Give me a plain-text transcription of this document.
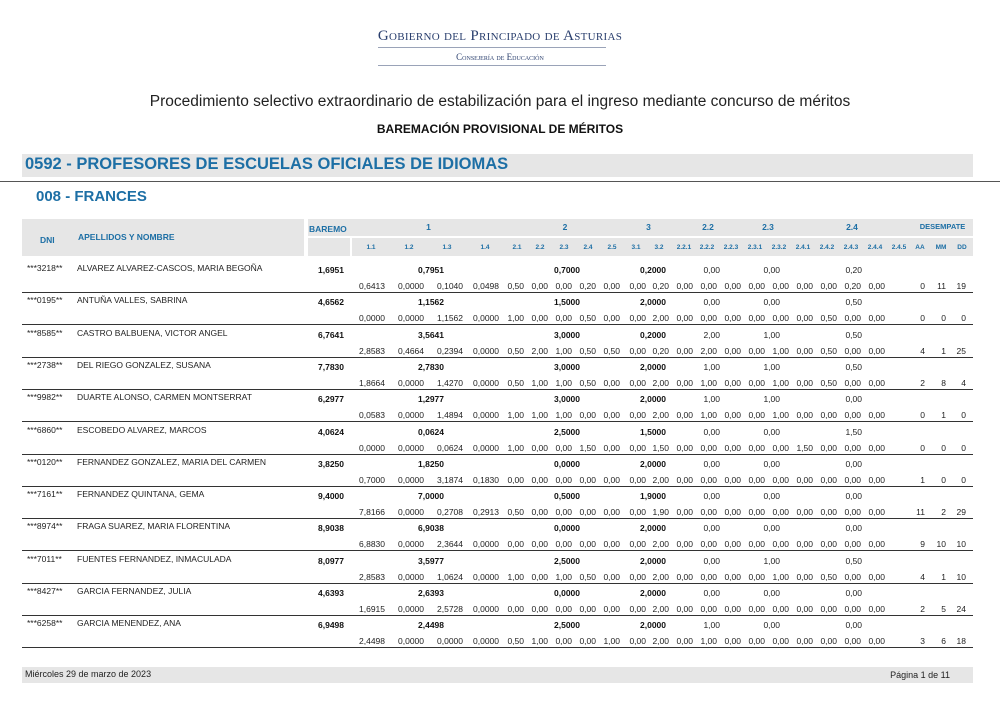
Gobierno del Principado de Asturias
Consejería de Educación
Procedimiento selectivo extraordinario de estabilización para el ingreso mediante concurso de méritos
BAREMACIÓN PROVISIONAL DE MÉRITOS
0592 - PROFESORES DE ESCUELAS OFICIALES DE IDIOMAS
008 - FRANCES
DNI	APELLIDOS Y NOMBRE
BAREMO	1	2	3	2.2	2.3	2.4	DESEMPATE
1.1	1.2	1.3	1.4	2.1	2.2	2.3	2.4	2.5	3.1	3.2	2.2.1	2.2.2	2.2.3	2.3.1	2.3.2	2.4.1	2.4.2	2.4.3	2.4.4	2.4.5	AA	MM	DD
***3218** ALVAREZ ALVAREZ-CASCOS, MARIA BEGOÑA	1,6951	0,7951	0,7000	0,2000	0,00	0,00	0,20
0,6413	0,0000	0,1040	0,0498 0,50 0,00 0,00 0,20 0,00	0,00 0,20 0,00 0,00 0,00 0,00 0,00 0,00 0,00 0,20 0,00	0	11	19
***0195** ANTUÑA VALLES, SABRINA	4,6562	1,1562	1,5000	2,0000	0,00	0,00	0,50
0,0000	0,0000	1,1562	0,0000 1,00 0,00 0,00 0,50 0,00	0,00 2,00 0,00 0,00 0,00 0,00 0,00 0,00 0,50 0,00 0,00	0	0	0
***8585** CASTRO BALBUENA, VICTOR ANGEL	6,7641	3,5641	3,0000	0,2000	2,00	1,00	0,50
2,8583	0,4664	0,2394	0,0000 0,50 2,00 1,00 0,50 0,50	0,00 0,20 0,00 2,00 0,00 0,00 1,00 0,00 0,50 0,00 0,00	4	1	25
***2738** DEL RIEGO GONZALEZ, SUSANA	7,7830	2,7830	3,0000	2,0000	1,00	1,00	0,50
1,8664	0,0000	1,4270	0,0000 0,50 1,00 1,00 0,50 0,00	0,00 2,00 0,00 1,00 0,00 0,00 1,00 0,00 0,50 0,00 0,00	2	8	4
***9982** DUARTE ALONSO, CARMEN MONTSERRAT	6,2977	1,2977	3,0000	2,0000	1,00	1,00	0,00
0,0583	0,0000	1,4894	0,0000 1,00 1,00 1,00 0,00 0,00	0,00 2,00 0,00 1,00 0,00 0,00 1,00 0,00 0,00 0,00 0,00	0	1	0
***6860** ESCOBEDO ALVAREZ, MARCOS	4,0624	0,0624	2,5000	1,5000	0,00	0,00	1,50
0,0000	0,0000	0,0624	0,0000 1,00 0,00 0,00 1,50 0,00	0,00 1,50 0,00 0,00 0,00 0,00 0,00 1,50 0,00 0,00 0,00	0	0	0
***0120** FERNANDEZ GONZALEZ, MARIA DEL CARMEN	3,8250	1,8250	0,0000	2,0000	0,00	0,00	0,00
0,7000	0,0000	3,1874	0,1830 0,00 0,00 0,00 0,00 0,00	0,00 2,00 0,00 0,00 0,00 0,00 0,00 0,00 0,00 0,00 0,00	1	0	0
***7161** FERNANDEZ QUINTANA, GEMA	9,4000	7,0000	0,5000	1,9000	0,00	0,00	0,00
7,8166	0,0000	0,2708	0,2913 0,50 0,00 0,00 0,00 0,00	0,00 1,90 0,00 0,00 0,00 0,00 0,00 0,00 0,00 0,00 0,00	11	2	29
***8974** FRAGA SUAREZ, MARIA FLORENTINA	8,9038	6,9038	0,0000	2,0000	0,00	0,00	0,00
6,8830	0,0000	2,3644	0,0000 0,00 0,00 0,00 0,00 0,00	0,00 2,00 0,00 0,00 0,00 0,00 0,00 0,00 0,00 0,00 0,00	9	10	10
***7011** FUENTES FERNANDEZ, INMACULADA	8,0977	3,5977	2,5000	2,0000	0,00	1,00	0,50
2,8583	0,0000	1,0624	0,0000 1,00 0,00 1,00 0,50 0,00	0,00 2,00 0,00 0,00 0,00 0,00 1,00 0,00 0,50 0,00 0,00	4	1	10
***8427** GARCIA FERNANDEZ, JULIA	4,6393	2,6393	0,0000	2,0000	0,00	0,00	0,00
1,6915	0,0000	2,5728	0,0000 0,00 0,00 0,00 0,00 0,00	0,00 2,00 0,00 0,00 0,00 0,00 0,00 0,00 0,00 0,00 0,00	2	5	24
***6258** GARCIA MENENDEZ, ANA	6,9498	2,4498	2,5000	2,0000	1,00	0,00	0,00
2,4498	0,0000	0,0000	0,0000 0,50 1,00 0,00 0,00 1,00	0,00 2,00 0,00 1,00 0,00 0,00 0,00 0,00 0,00 0,00 0,00	3	6	18
Miércoles 29 de marzo de 2023	Página 1 de 11
